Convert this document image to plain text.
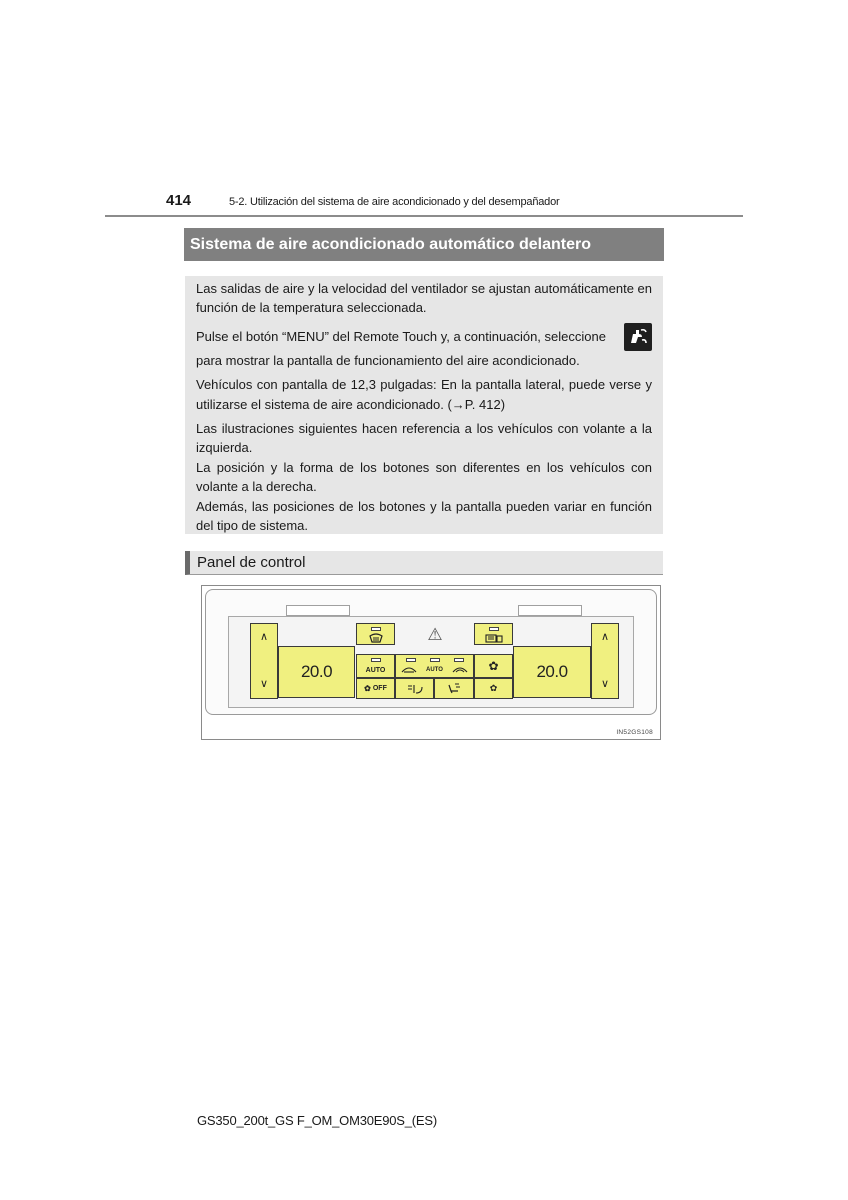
414	5-2. Utilización del sistema de aire acondicionado y del desempañador
Sistema de aire acondicionado automático delantero

Las salidas de aire y la velocidad del ventilador se ajustan automáticamente en función de la temperatura seleccionada.

Pulse el botón “MENU” del Remote Touch y, a continuación, seleccione
para mostrar la pantalla de funcionamiento del aire acondicionado.

Vehículos con pantalla de 12,3 pulgadas: En la pantalla lateral, puede verse y utilizarse el sistema de aire acondicionado. (→P. 412)

Las ilustraciones siguientes hacen referencia a los vehículos con volante a la izquierda.

La posición y la forma de los botones son diferentes en los vehículos con volante a la derecha.

Además, las posiciones de los botones y la pantalla pueden variar en función del tipo de sistema.

Panel de control
∧
∨
20.0
⚠
AUTO	AUTO	✿
✿ OFF	✿
20.0
∧
∨
IN52GS108
GS350_200t_GS F_OM_OM30E90S_(ES)
